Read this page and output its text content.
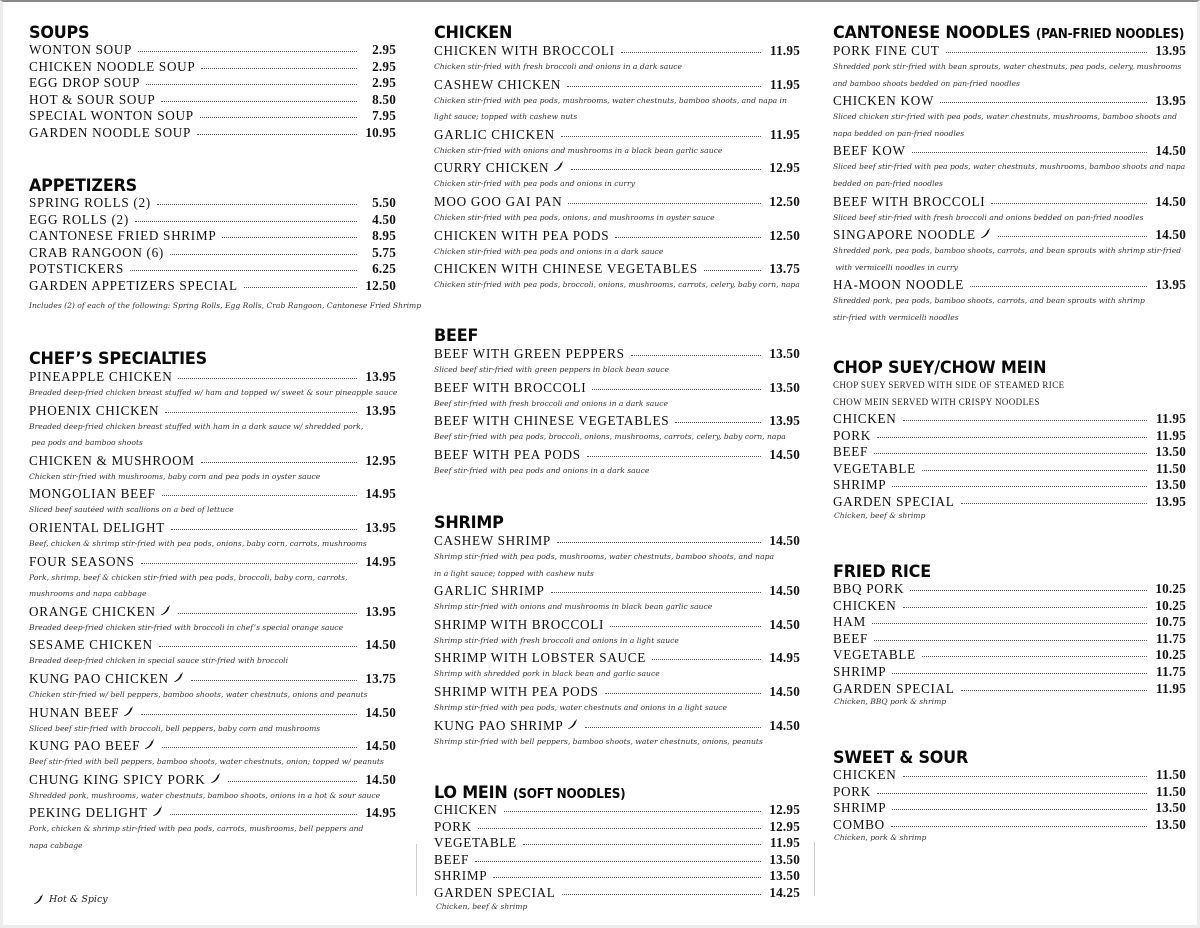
SOUPS
WONTON SOUP	2.95
CHICKEN NOODLE SOUP	2.95
EGG DROP SOUP	2.95
HOT & SOUR SOUP	8.50
SPECIAL WONTON SOUP	7.95
GARDEN NOODLE SOUP	10.95
APPETIZERS
SPRING ROLLS (2)	5.50
EGG ROLLS (2)	4.50
CANTONESE FRIED SHRIMP	8.95
CRAB RANGOON (6)	5.75
POTSTICKERS	6.25
GARDEN APPETIZERS SPECIAL	12.50
Includes (2) of each of the following: Spring Rolls, Egg Rolls, Crab Rangoon, Cantonese Fried Shrimp
CHEF’S SPECIALTIES
PINEAPPLE CHICKEN	13.95
Breaded deep-fried chicken breast stuffed w/ ham and topped w/ sweet & sour pineapple sauce
PHOENIX CHICKEN	13.95
Breaded deep-fried chicken breast stuffed with ham in a dark sauce w/ shredded pork,
pea pods and bamboo shoots
CHICKEN & MUSHROOM	12.95
Chicken stir-fried with mushrooms, baby corn and pea pods in oyster sauce
MONGOLIAN BEEF	14.95
Sliced beef sautéed with scallions on a bed of lettuce
ORIENTAL DELIGHT	13.95
Beef, chicken & shrimp stir-fried with pea pods, onions, baby corn, carrots, mushrooms
FOUR SEASONS	14.95
Pork, shrimp, beef & chicken stir-fried with pea pods, broccoli, baby corn, carrots,
mushrooms and napa cabbage
ORANGE CHICKEN	13.95
Breaded deep-fried chicken stir-fried with broccoli in chef’s special orange sauce
SESAME CHICKEN	14.50
Breaded deep-fried chicken in special sauce stir-fried with broccoli
KUNG PAO CHICKEN	13.75
Chicken stir-fried w/ bell peppers, bamboo shoots, water chestnuts, onions and peanuts
HUNAN BEEF	14.50
Sliced beef stir-fried with broccoli, bell peppers, baby corn and mushrooms
KUNG PAO BEEF	14.50
Beef stir-fried with bell peppers, bamboo shoots, water chestnuts, onion; topped w/ peanuts
CHUNG KING SPICY PORK	14.50
Shredded pork, mushrooms, water chestnuts, bamboo shoots, onions in a hot & sour sauce
PEKING DELIGHT	14.95
Pork, chicken & shrimp stir-fried with pea pods, carrots, mushrooms, bell peppers and
napa cabbage
Hot & Spicy
CHICKEN
CHICKEN WITH BROCCOLI	11.95
Chicken stir-fried with fresh broccoli and onions in a dark sauce
CASHEW CHICKEN	11.95
Chicken stir-fried with pea pods, mushrooms, water chestnuts, bamboo shoots, and napa in
light sauce; topped with cashew nuts
GARLIC CHICKEN	11.95
Chicken stir-fried with onions and mushrooms in a black bean garlic sauce
CURRY CHICKEN	12.95
Chicken stir-fried with pea pods and onions in curry
MOO GOO GAI PAN	12.50
Chicken stir-fried with pea pods, onions, and mushrooms in oyster sauce
CHICKEN WITH PEA PODS	12.50
Chicken stir-fried with pea pods and onions in a dark sauce
CHICKEN WITH CHINESE VEGETABLES	13.75
Chicken stir-fried with pea pods, broccoli, onions, mushrooms, carrots, celery, baby corn, napa
BEEF
BEEF WITH GREEN PEPPERS	13.50
Sliced beef stir-fried with green peppers in black bean sauce
BEEF WITH BROCCOLI	13.50
Beef stir-fried with fresh broccoli and onions in a dark sauce
BEEF WITH CHINESE VEGETABLES	13.95
Beef stir-fried with pea pods, broccoli, onions, mushrooms, carrots, celery, baby corn, napa
BEEF WITH PEA PODS	14.50
Beef stir-fried with pea pods and onions in a dark sauce
SHRIMP
CASHEW SHRIMP	14.50
Shrimp stir-fried with pea pods, mushrooms, water chestnuts, bamboo shoots, and napa
in a light sauce; topped with cashew nuts
GARLIC SHRIMP	14.50
Shrimp stir-fried with onions and mushrooms in black bean garlic sauce
SHRIMP WITH BROCCOLI	14.50
Shrimp stir-fried with fresh broccoli and onions in a light sauce
SHRIMP WITH LOBSTER SAUCE	14.95
Shrimp with shredded pork in black bean and garlic sauce
SHRIMP WITH PEA PODS	14.50
Shrimp stir-fried with pea pods, water chestnuts and onions in a light sauce
KUNG PAO SHRIMP	14.50
Shrimp stir-fried with bell peppers, bamboo shoots, water chestnuts, onions, peanuts
LO MEIN (SOFT NOODLES)
CHICKEN	12.95
PORK	12.95
VEGETABLE	11.95
BEEF	13.50
SHRIMP	13.50
GARDEN SPECIAL	14.25
Chicken, beef & shrimp
CANTONESE NOODLES (PAN-FRIED NOODLES)
PORK FINE CUT	13.95
Shredded pork stir-fried with bean sprouts, water chestnuts, pea pods, celery, mushrooms
and bamboo shoots bedded on pan-fried noodles
CHICKEN KOW	13.95
Sliced chicken stir-fried with pea pods, water chestnuts, mushrooms, bamboo shoots and
napa bedded on pan-fried noodles
BEEF KOW	14.50
Sliced beef stir-fried with pea pods, water chestnuts, mushrooms, bamboo shoots and napa
bedded on pan-fried noodles
BEEF WITH BROCCOLI	14.50
Sliced beef stir-fried with fresh broccoli and onions bedded on pan-fried noodles
SINGAPORE NOODLE	14.50
Shredded pork, pea pods, bamboo shoots, carrots, and bean sprouts with shrimp stir-fried
with vermicelli noodles in curry
HA-MOON NOODLE	13.95
Shredded pork, pea pods, bamboo shoots, carrots, and bean sprouts with shrimp
stir-fried with vermicelli noodles
CHOP SUEY/CHOW MEIN
CHOP SUEY SERVED WITH SIDE OF STEAMED RICE
CHOW MEIN SERVED WITH CRISPY NOODLES
CHICKEN	11.95
PORK	11.95
BEEF	13.50
VEGETABLE	11.50
SHRIMP	13.50
GARDEN SPECIAL	13.95
Chicken, beef & shrimp
FRIED RICE
BBQ PORK	10.25
CHICKEN	10.25
HAM	10.75
BEEF	11.75
VEGETABLE	10.25
SHRIMP	11.75
GARDEN SPECIAL	11.95
Chicken, BBQ pork & shrimp
SWEET & SOUR
CHICKEN	11.50
PORK	11.50
SHRIMP	13.50
COMBO	13.50
Chicken, pork & shrimp
